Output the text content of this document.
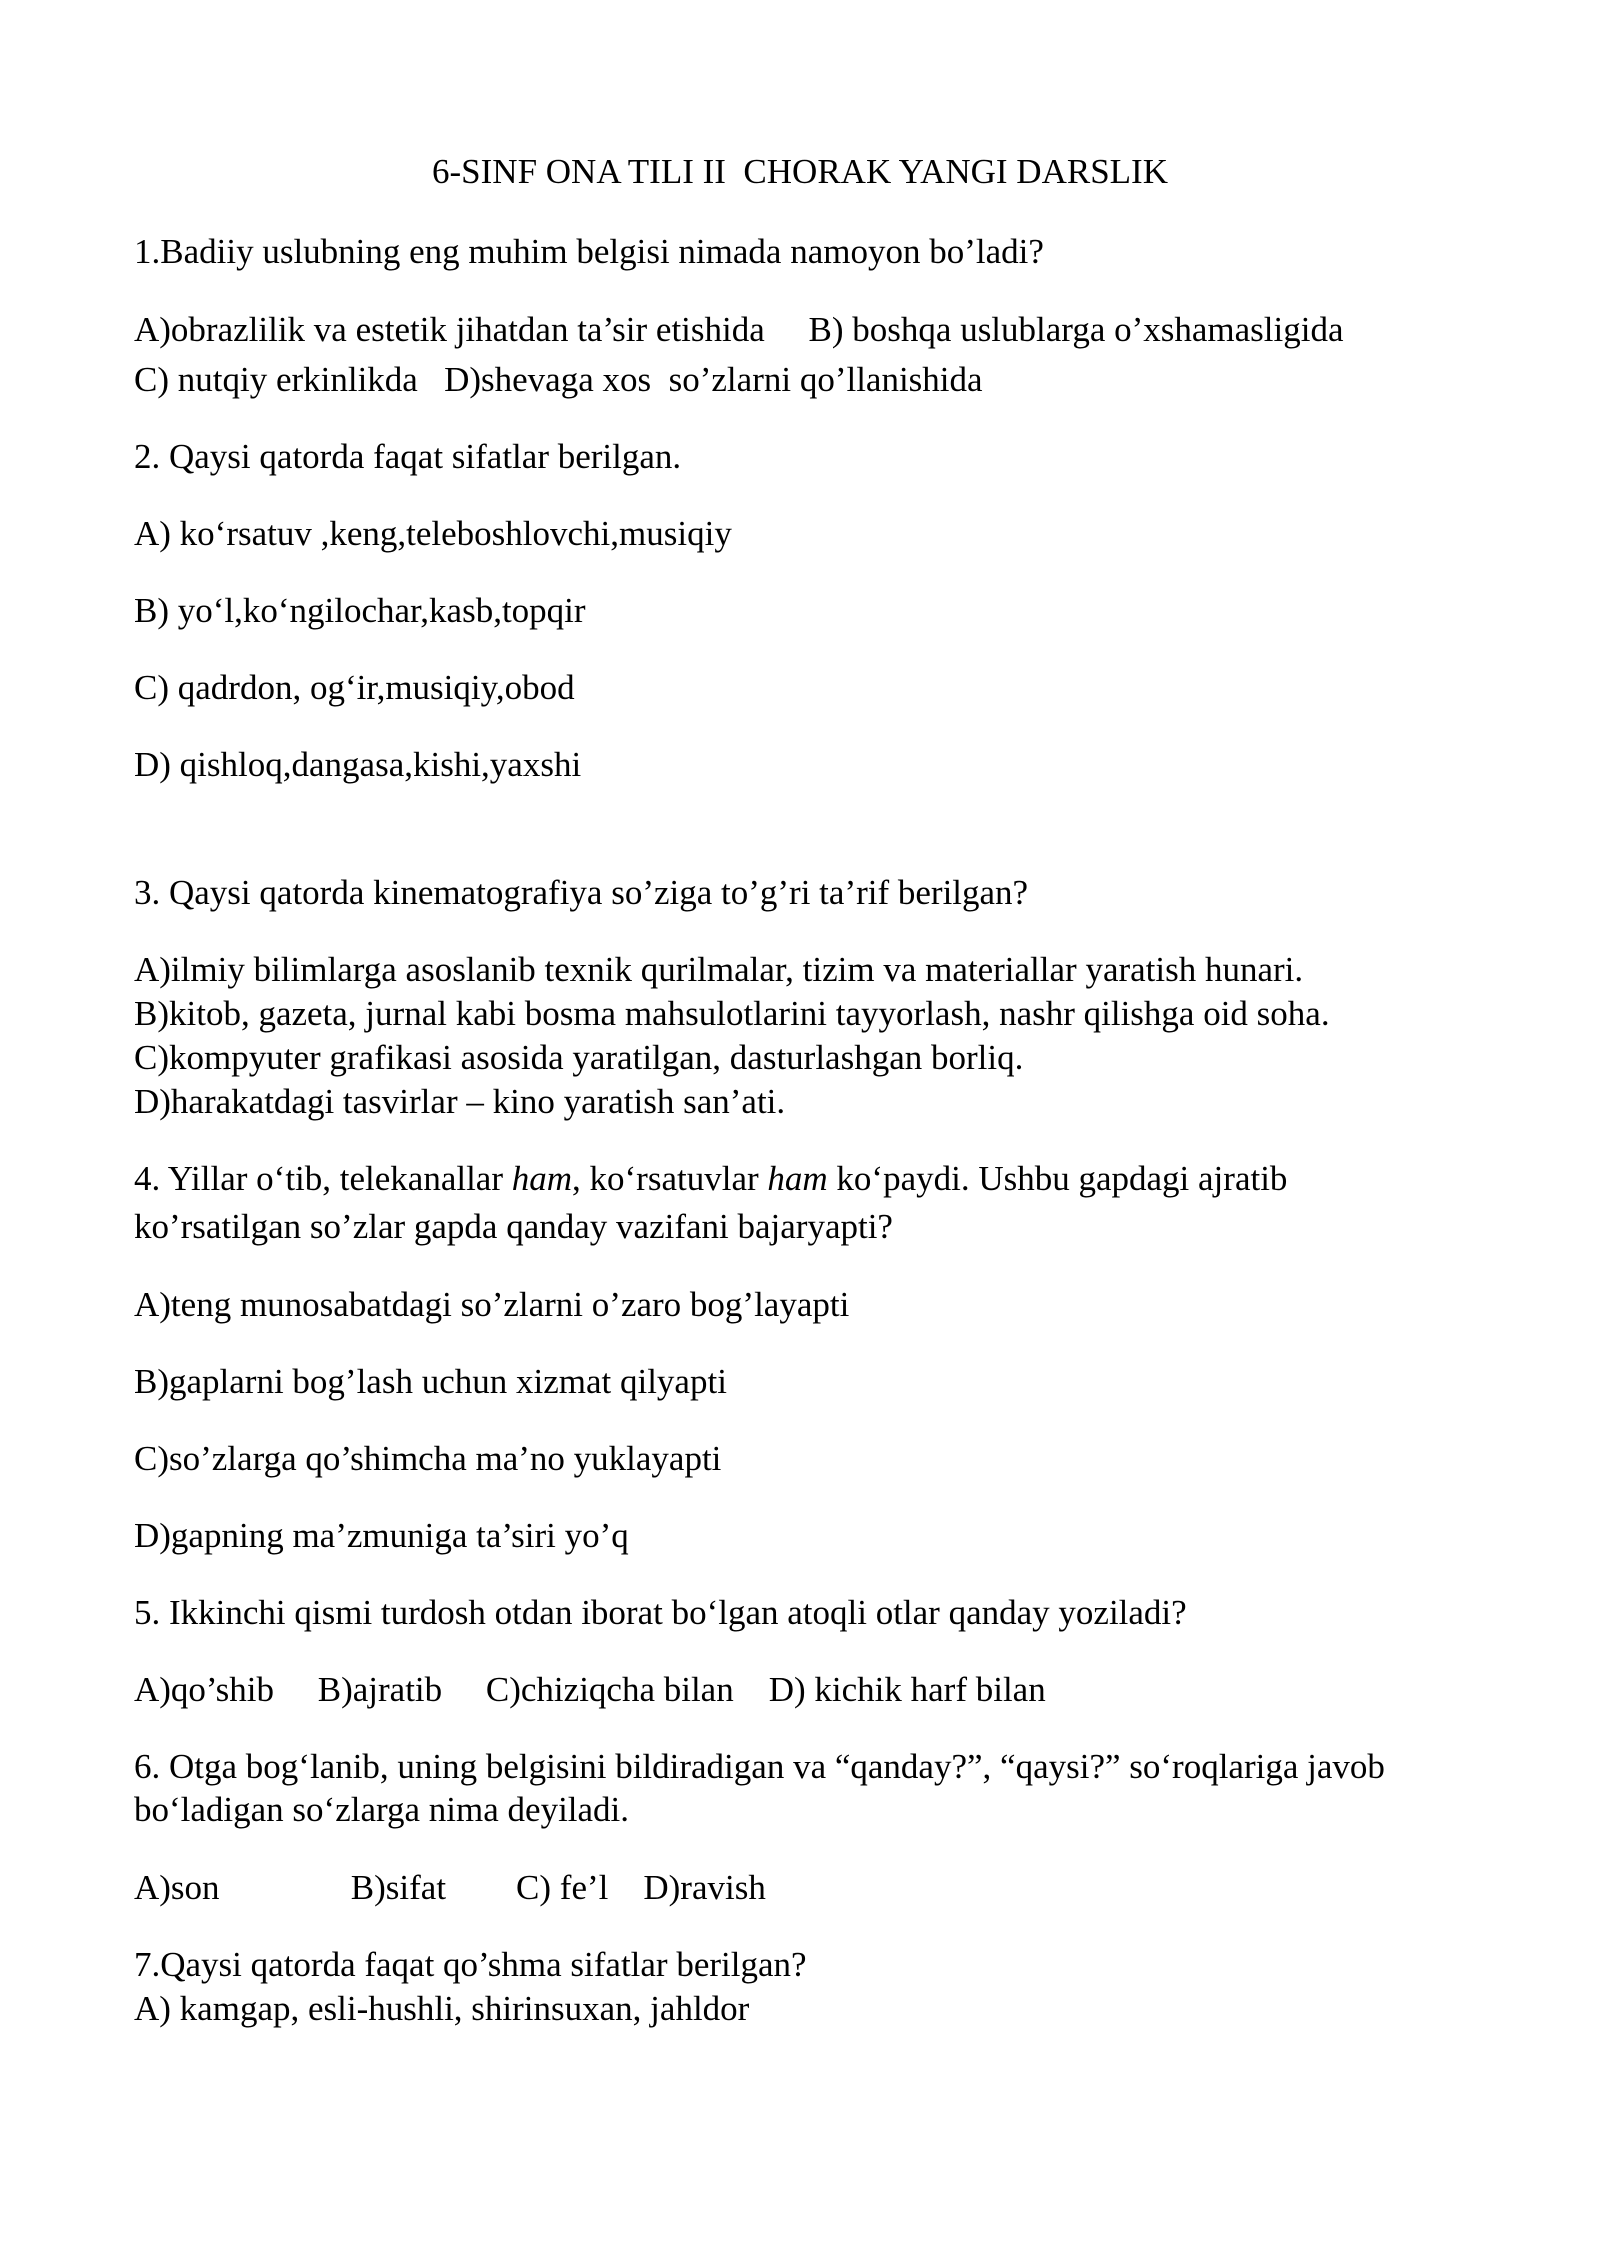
6-SINF ONA TILI II  CHORAK YANGI DARSLIK

1.Badiiy uslubning eng muhim belgisi nimada namoyon bo’ladi?

A)obrazlilik va estetik jihatdan ta’sir etishida     B) boshqa uslublarga o’xshamasligida

C) nutqiy erkinlikda   D)shevaga xos  so’zlarni qo’llanishida

2. Qaysi qatorda faqat sifatlar berilgan.

A) ko‘rsatuv ,keng,teleboshlovchi,musiqiy

B) yo‘l,ko‘ngilochar,kasb,topqir

C) qadrdon, og‘ir,musiqiy,obod

D) qishloq,dangasa,kishi,yaxshi

3. Qaysi qatorda kinematografiya so’ziga to’g’ri ta’rif berilgan?

A)ilmiy bilimlarga asoslanib texnik qurilmalar, tizim va materiallar yaratish hunari.

B)kitob, gazeta, jurnal kabi bosma mahsulotlarini tayyorlash, nashr qilishga oid soha.

C)kompyuter grafikasi asosida yaratilgan, dasturlashgan borliq.

D)harakatdagi tasvirlar – kino yaratish san’ati.

4. Yillar o‘tib, telekanallar ham, ko‘rsatuvlar ham ko‘paydi. Ushbu gapdagi ajratib

ko’rsatilgan so’zlar gapda qanday vazifani bajaryapti?

A)teng munosabatdagi so’zlarni o’zaro bog’layapti

B)gaplarni bog’lash uchun xizmat qilyapti

C)so’zlarga qo’shimcha ma’no yuklayapti

D)gapning ma’zmuniga ta’siri yo’q

5. Ikkinchi qismi turdosh otdan iborat bo‘lgan atoqli otlar qanday yoziladi?

A)qo’shib     B)ajratib     C)chiziqcha bilan    D) kichik harf bilan

6. Otga bog‘lanib, uning belgisini bildiradigan va “qanday?”, “qaysi?” so‘roqlariga javob

bo‘ladigan so‘zlarga nima deyiladi.

A)son               B)sifat        C) fe’l    D)ravish

7.Qaysi qatorda faqat qo’shma sifatlar berilgan?

A) kamgap, esli-hushli, shirinsuxan, jahldor
